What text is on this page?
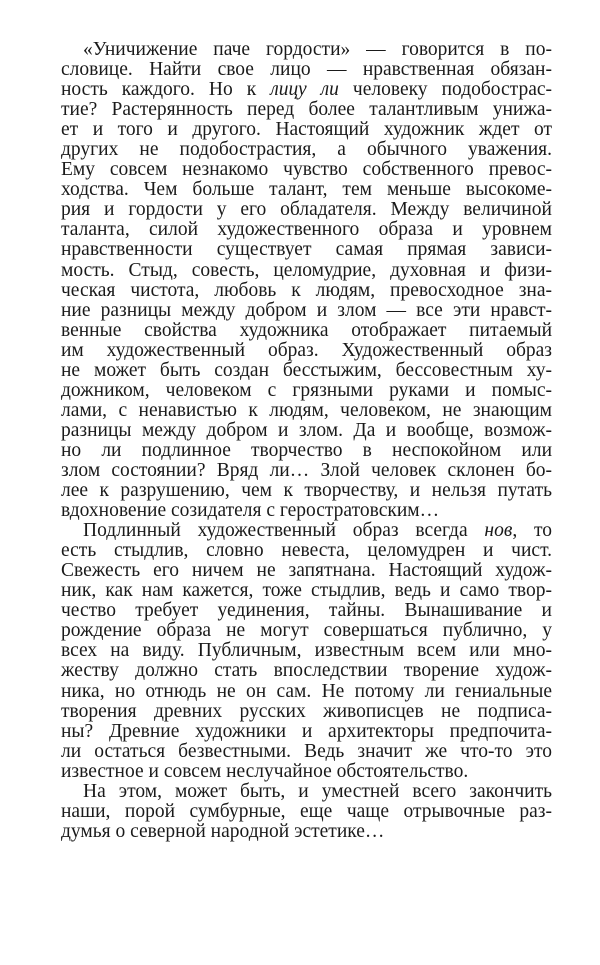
«Уничижение паче гордости» — говорится в по-
словице. Найти свое лицо — нравственная обязан-
ность каждого. Но к лицу ли человеку подобострас-
тие? Растерянность перед более талантливым унижа-
ет и того и другого. Настоящий художник ждет от
других не подобострастия, а обычного уважения.
Ему совсем незнакомо чувство собственного превос-
ходства. Чем больше талант, тем меньше высокоме-
рия и гордости у его обладателя. Между величиной
таланта, силой художественного образа и уровнем
нравственности существует самая прямая зависи-
мость. Стыд, совесть, целомудрие, духовная и физи-
ческая чистота, любовь к людям, превосходное зна-
ние разницы между добром и злом — все эти нравст-
венные свойства художника отображает питаемый
им художественный образ. Художественный образ
не может быть создан бесстыжим, бессовестным ху-
дожником, человеком с грязными руками и помыс-
лами, с ненавистью к людям, человеком, не знающим
разницы между добром и злом. Да и вообще, возмож-
но ли подлинное творчество в неспокойном или
злом состоянии? Вряд ли… Злой человек склонен бо-
лее к разрушению, чем к творчеству, и нельзя путать
вдохновение созидателя с геростратовским…
Подлинный художественный образ всегда нов, то
есть стыдлив, словно невеста, целомудрен и чист.
Свежесть его ничем не запятнана. Настоящий худож-
ник, как нам кажется, тоже стыдлив, ведь и само твор-
чество требует уединения, тайны. Вынашивание и
рождение образа не могут совершаться публично, у
всех на виду. Публичным, известным всем или мно-
жеству должно стать впоследствии творение худож-
ника, но отнюдь не он сам. Не потому ли гениальные
творения древних русских живописцев не подписа-
ны? Древние художники и архитекторы предпочита-
ли остаться безвестными. Ведь значит же что-то это
известное и совсем неслучайное обстоятельство.
На этом, может быть, и уместней всего закончить
наши, порой сумбурные, еще чаще отрывочные раз-
думья о северной народной эстетике…
